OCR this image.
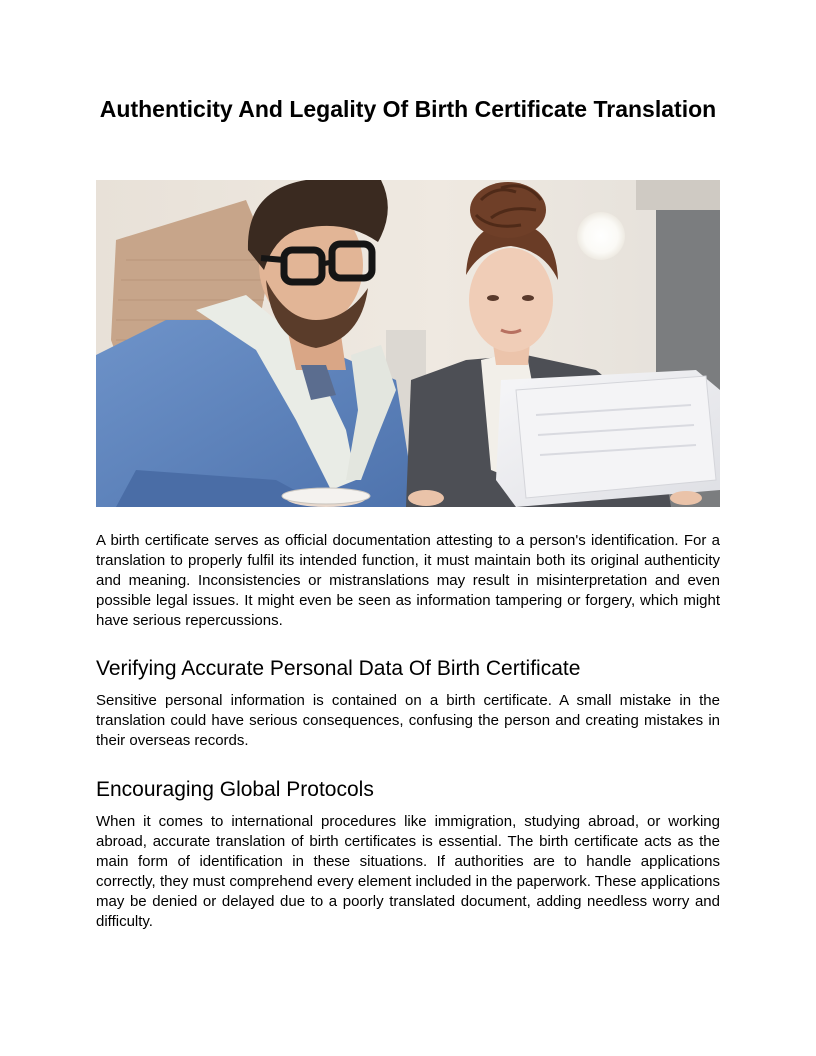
Authenticity And Legality Of Birth Certificate Translation

A birth certificate serves as official documentation attesting to a person's identification. For a translation to properly fulfil its intended function, it must maintain both its original authenticity and meaning. Inconsistencies or mistranslations may result in misinterpretation and even possible legal issues. It might even be seen as information tampering or forgery, which might have serious repercussions.

Verifying Accurate Personal Data Of Birth Certificate

Sensitive personal information is contained on a birth certificate. A small mistake in the translation could have serious consequences, confusing the person and creating mistakes in their overseas records.

Encouraging Global Protocols

When it comes to international procedures like immigration, studying abroad, or working abroad, accurate translation of birth certificates is essential. The birth certificate acts as the main form of identification in these situations. If authorities are to handle applications correctly, they must comprehend every element included in the paperwork. These applications may be denied or delayed due to a poorly translated document, adding needless worry and difficulty.
